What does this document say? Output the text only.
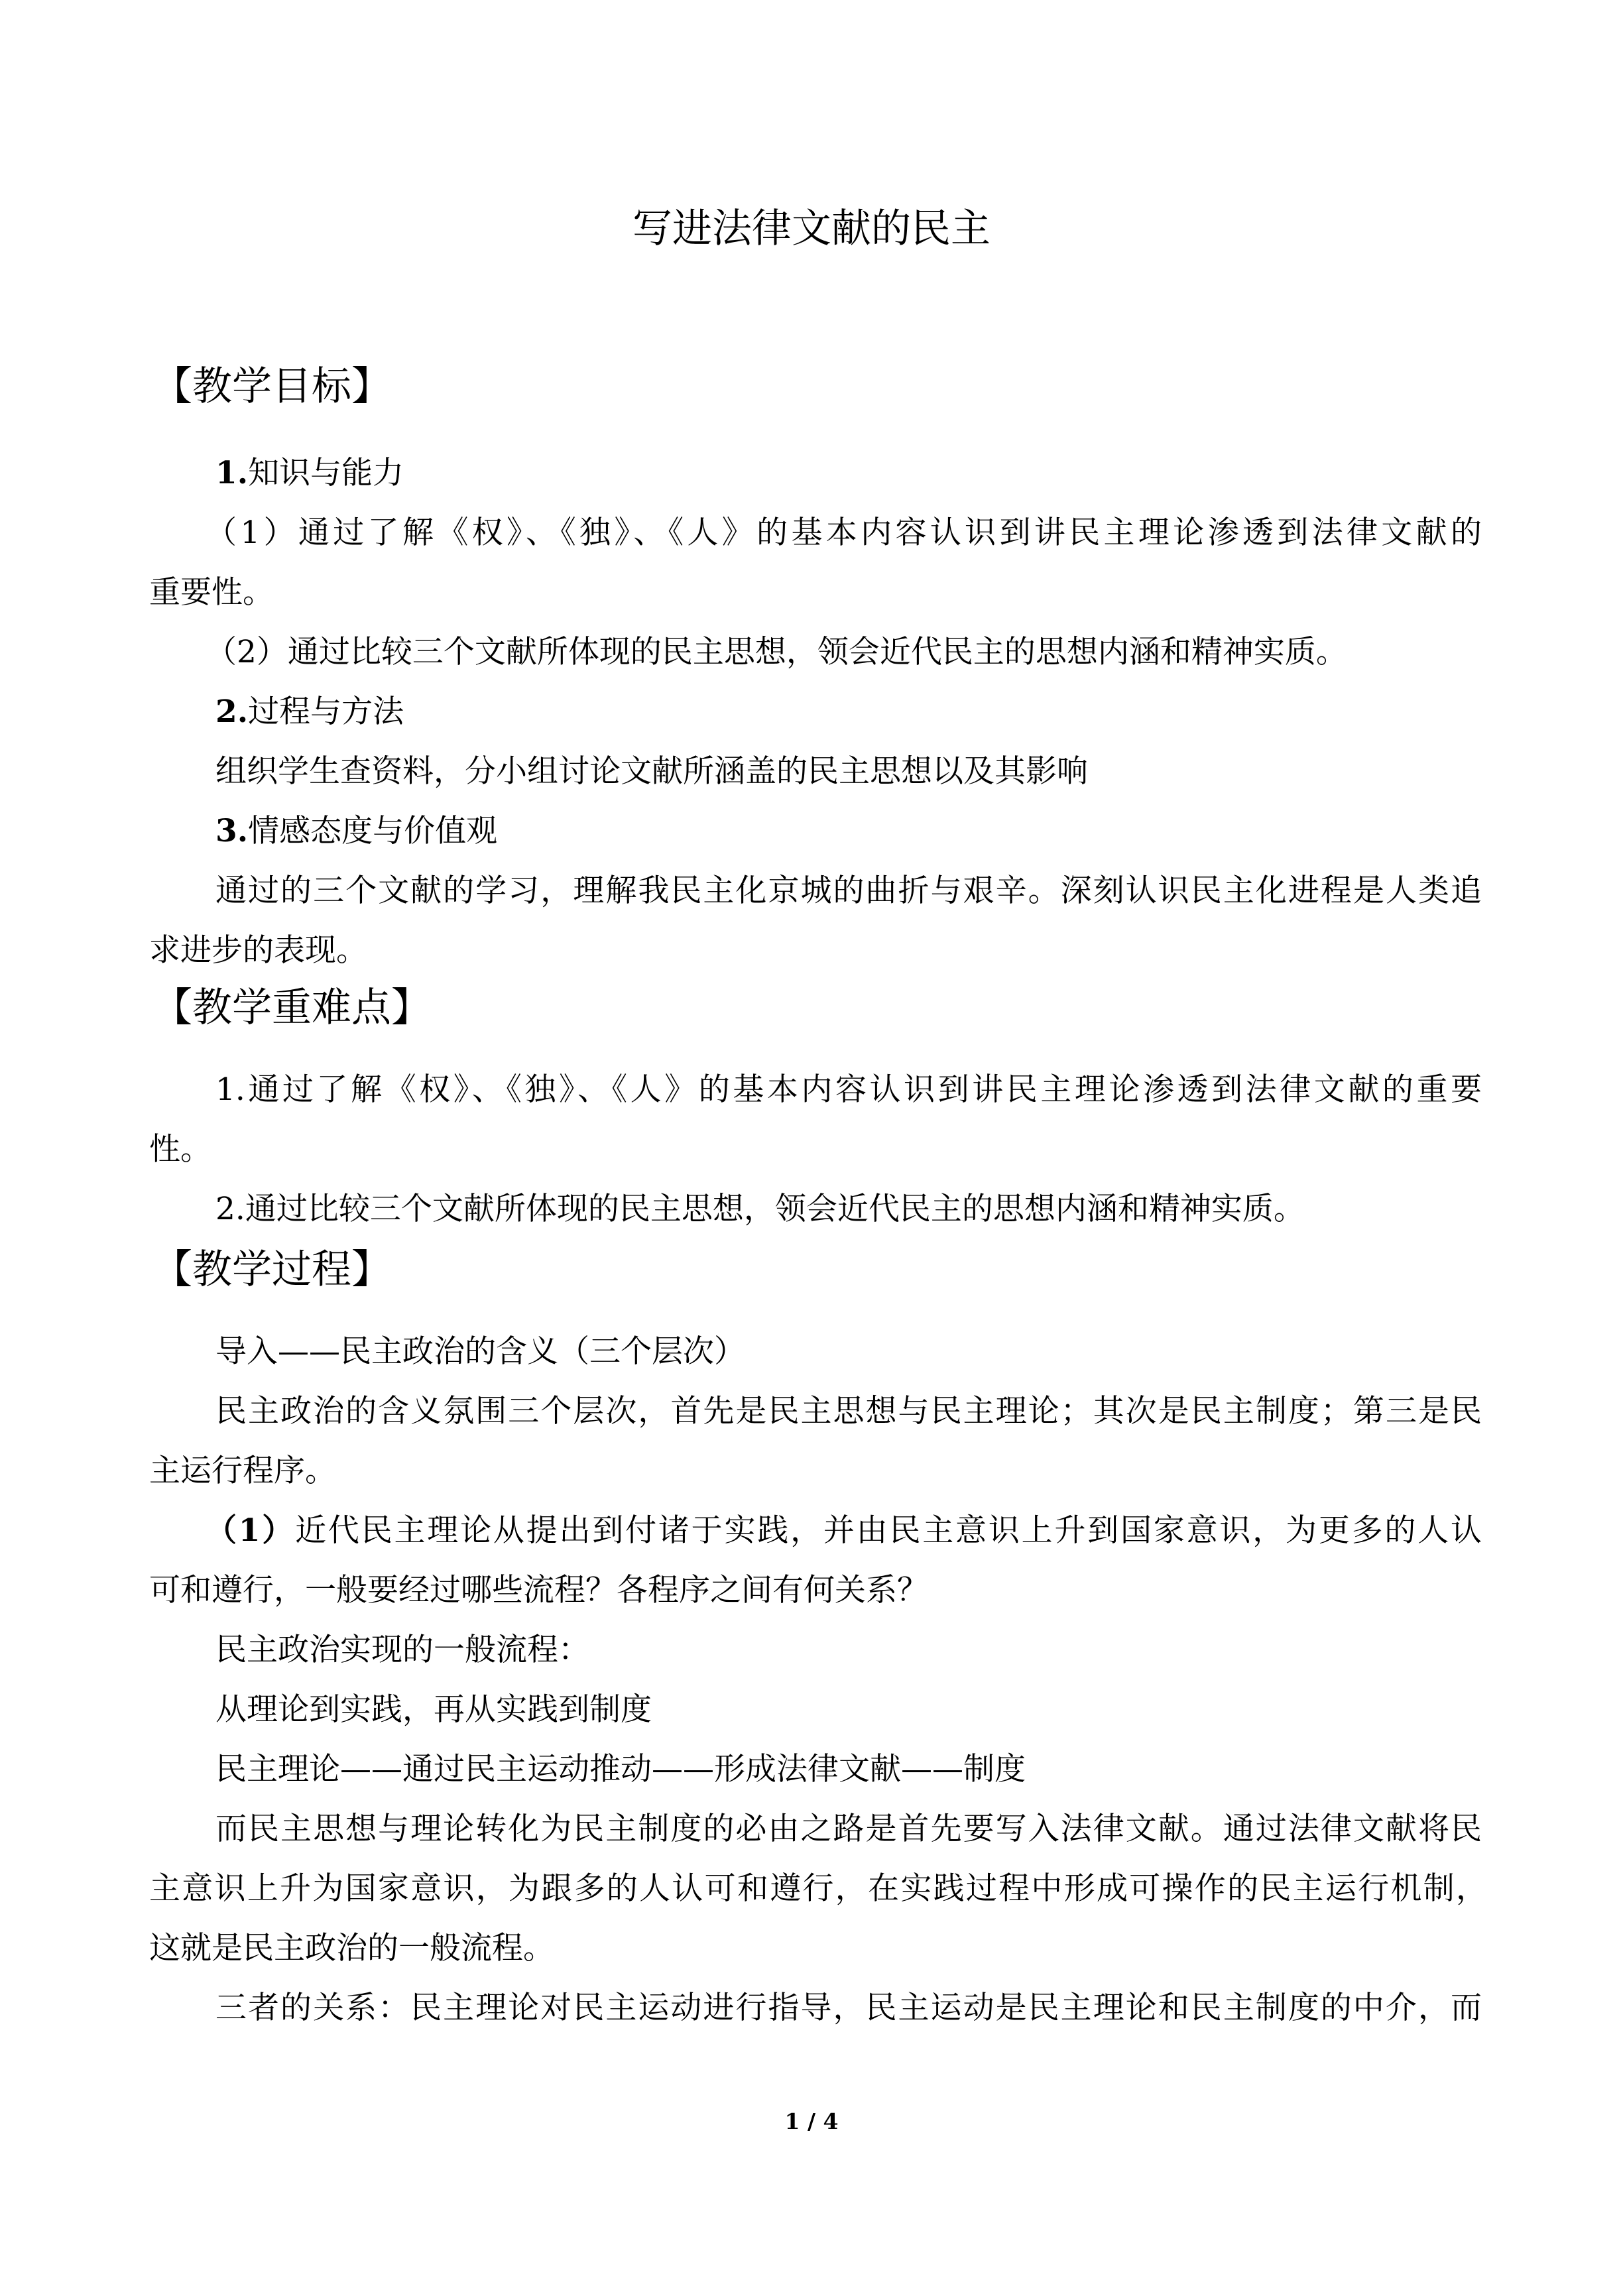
写进法律文献的民主
【教学目标】
1.知识与能力
（1）通过了解《权》、《独》、《人》的基本内容认识到讲民主理论渗透到法律文献的
重要性。
（2）通过比较三个文献所体现的民主思想，领会近代民主的思想内涵和精神实质。
2.过程与方法
组织学生查资料，分小组讨论文献所涵盖的民主思想以及其影响
3.情感态度与价值观
通过的三个文献的学习，理解我民主化京城的曲折与艰辛。深刻认识民主化进程是人类追
求进步的表现。
【教学重难点】
1.通过了解《权》、《独》、《人》的基本内容认识到讲民主理论渗透到法律文献的重要
性。
2.通过比较三个文献所体现的民主思想，领会近代民主的思想内涵和精神实质。
【教学过程】
导入——民主政治的含义（三个层次）
民主政治的含义氛围三个层次，首先是民主思想与民主理论；其次是民主制度；第三是民
主运行程序。
（1）近代民主理论从提出到付诸于实践，并由民主意识上升到国家意识，为更多的人认
可和遵行，一般要经过哪些流程？各程序之间有何关系？
民主政治实现的一般流程：
从理论到实践，再从实践到制度
民主理论——通过民主运动推动——形成法律文献——制度
而民主思想与理论转化为民主制度的必由之路是首先要写入法律文献。通过法律文献将民
主意识上升为国家意识，为跟多的人认可和遵行，在实践过程中形成可操作的民主运行机制，
这就是民主政治的一般流程。
三者的关系：民主理论对民主运动进行指导，民主运动是民主理论和民主制度的中介，而
1 / 4
